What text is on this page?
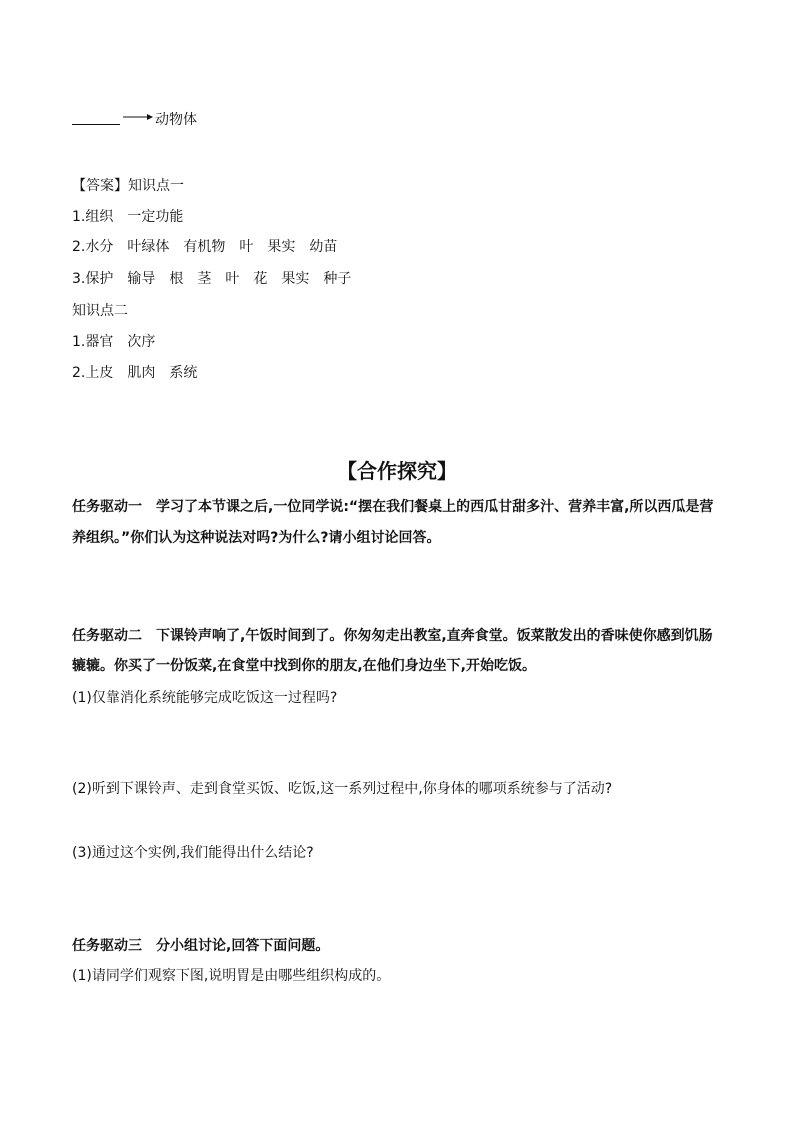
动物体
【答案】知识点一
1.组织 一定功能
2.水分 叶绿体 有机物 叶 果实 幼苗
3.保护 输导 根 茎 叶 花 果实 种子
知识点二
1.器官 次序
2.上皮 肌肉 系统
【合作探究】
任务驱动一 学习了本节课之后,一位同学说:“摆在我们餐桌上的西瓜甘甜多汁、营养丰富,所以西瓜是营
养组织。”你们认为这种说法对吗?为什么?请小组讨论回答。
任务驱动二 下课铃声响了,午饭时间到了。你匆匆走出教室,直奔食堂。饭菜散发出的香味使你感到饥肠
辘辘。你买了一份饭菜,在食堂中找到你的朋友,在他们身边坐下,开始吃饭。
(1)仅靠消化系统能够完成吃饭这一过程吗?
(2)听到下课铃声、走到食堂买饭、吃饭,这一系列过程中,你身体的哪项系统参与了活动?
(3)通过这个实例,我们能得出什么结论?
任务驱动三 分小组讨论,回答下面问题。
(1)请同学们观察下图,说明胃是由哪些组织构成的。
